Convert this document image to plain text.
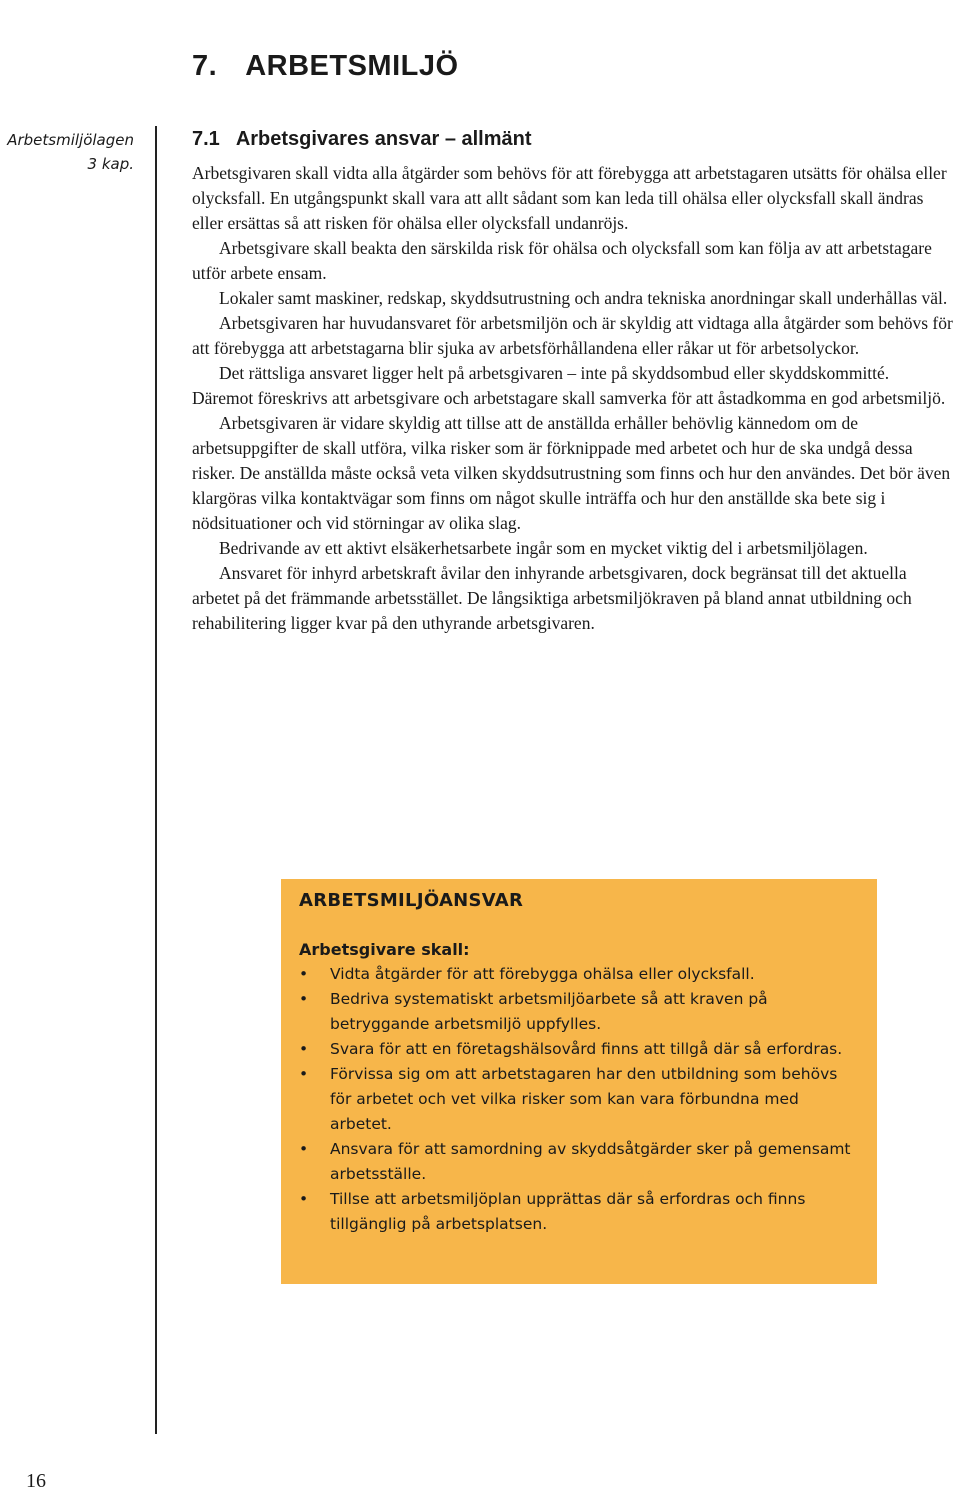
7. ARBETSMILJÖ
Arbetsmiljölagen
3 kap.
7.1 Arbetsgivares ansvar – allmänt

Arbetsgivaren skall vidta alla åtgärder som behövs för att förebygga att arbetstagaren utsätts för ohälsa eller olycksfall. En utgångspunkt skall vara att allt sådant som kan leda till ohälsa eller olycksfall skall ändras eller ersättas så att risken för ohälsa eller olycksfall undanröjs.

Arbetsgivare skall beakta den särskilda risk för ohälsa och olycksfall som kan följa av att arbetstagare utför arbete ensam.

Lokaler samt maskiner, redskap, skyddsutrustning och andra tekniska anordningar skall underhållas väl.

Arbetsgivaren har huvudansvaret för arbetsmiljön och är skyldig att vidtaga alla åtgärder som behövs för att förebygga att arbetstagarna blir sjuka av arbetsförhållandena eller råkar ut för arbetsolyckor.

Det rättsliga ansvaret ligger helt på arbetsgivaren – inte på skyddsombud eller skyddskommitté. Däremot föreskrivs att arbetsgivare och arbetstagare skall samverka för att åstadkomma en god arbetsmiljö.

Arbetsgivaren är vidare skyldig att tillse att de anställda erhåller behövlig kännedom om de arbetsuppgifter de skall utföra, vilka risker som är förknippade med arbetet och hur de ska undgå dessa risker. De anställda måste också veta vilken skyddsutrustning som finns och hur den användes. Det bör även klargöras vilka kontaktvägar som finns om något skulle inträffa och hur den anställde ska bete sig i nödsituationer och vid störningar av olika slag.

Bedrivande av ett aktivt elsäkerhetsarbete ingår som en mycket viktig del i arbetsmiljölagen.

Ansvaret för inhyrd arbetskraft åvilar den inhyrande arbetsgivaren, dock begränsat till det aktuella arbetet på det främmande arbetsstället. De långsiktiga arbetsmiljökraven på bland annat utbildning och rehabilitering ligger kvar på den uthyrande arbetsgivaren.

ARBETSMILJÖANSVAR
Arbetsgivare skall:
• Vidta åtgärder för att förebygga ohälsa eller olycksfall.
• Bedriva systematiskt arbetsmiljöarbete så att kraven på betryggande arbetsmiljö uppfylles.
• Svara för att en företagshälsovård finns att tillgå där så erfordras.
• Förvissa sig om att arbetstagaren har den utbildning som behövs för arbetet och vet vilka risker som kan vara förbundna med arbetet.
• Ansvara för att samordning av skyddsåtgärder sker på gemensamt arbetsställe.
• Tillse att arbetsmiljöplan upprättas där så erfordras och finns tillgänglig på arbetsplatsen.
16
